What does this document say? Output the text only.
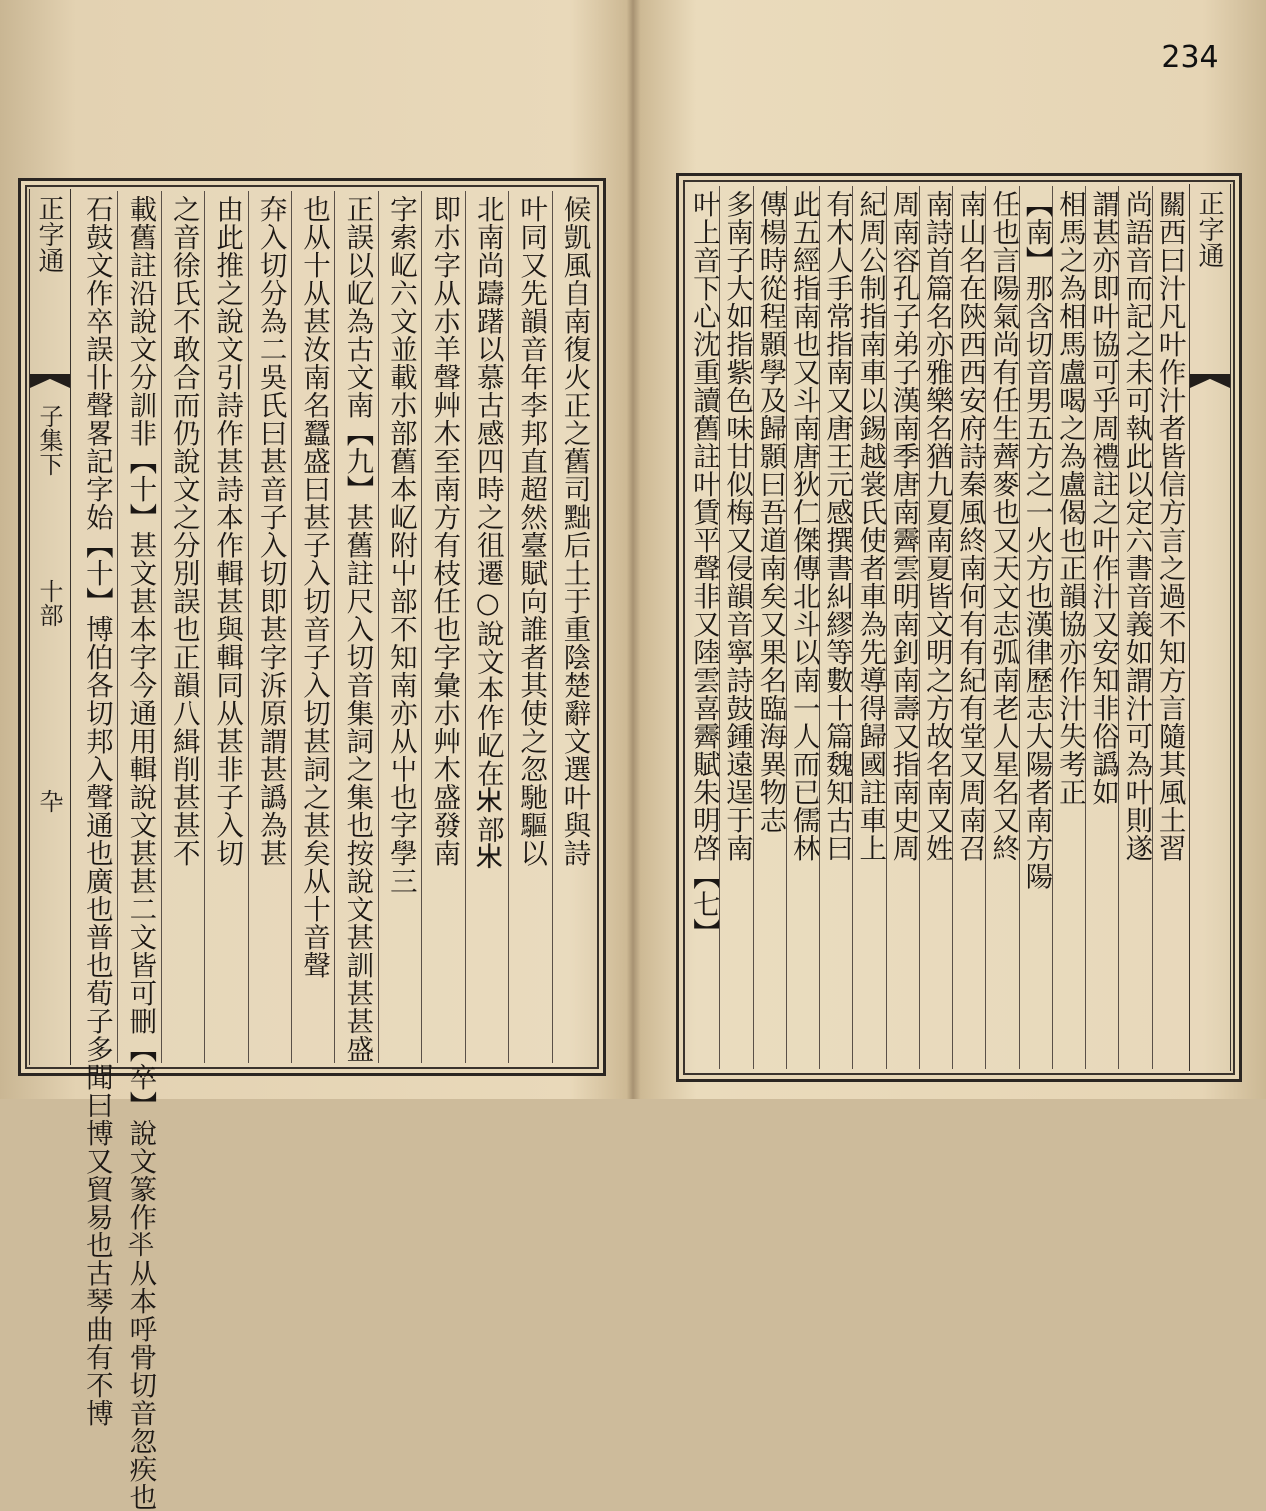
234
正字通
子集下
十部
卆	候凱風自南復火正之舊司黜后土于重陰楚辭文選叶與詩
叶同又先韻音年李邦直超然臺賦向誰者其使之忽馳驅以
北南尚躊躇以慕古感四時之徂遷○說文本作𡴭在𣎵部𣎵
即朩字从朩羊聲艸木至南方有枝任也字彙朩艸木盛發南
字索𡴭六文並載朩部舊本𡴭附屮部不知南亦从屮也字學三
正誤以𡴭為古文南【九】甚舊註尺入切音集詞之集也按說文甚訓甚甚盛
也从十从甚汝南名蠶盛曰甚子入切音子入切甚詞之甚矣从十音聲
㚏入切分為二吳氏曰甚音子入切即甚字泝原謂甚譌為甚
由此推之說文引詩作甚詩本作輯甚與輯同从甚非子入切
之音徐氏不敢合而仍說文之分別誤也正韻八緝削甚甚不
載舊註沿說文分訓非【十】甚文甚本字今通用輯說文甚甚二文皆可刪【卒】說文篆作𠦂从本呼骨切音忽疾也
石鼓文作卒誤卝聲畧記字始【十】博伯各切邦入聲通也廣也普也荀子多聞曰博又貿易也古琴曲有不博	正字通
關西曰汁凡叶作汁者皆信方言之過不知方言隨其風土習
尚語音而記之未可執此以定六書音義如謂汁可為叶則遂
謂甚亦即叶協可乎周禮註之叶作汁又安知非俗譌如
相馬之為相馬盧喝之為盧偈也正韻協亦作汁失考正
【南】那含切音男五方之一火方也漢律歷志大陽者南方陽
任也言陽氣尚有任生薺麥也又天文志弧南老人星名又終
南山名在陝西西安府詩秦風終南何有有紀有堂又周南召
南詩首篇名亦雅樂名猶九夏南夏皆文明之方故名南又姓
周南容孔子弟子漢南季唐南霽雲明南釗南壽又指南史周
紀周公制指南車以錫越裳氏使者車為先導得歸國註車上
有木人手常指南又唐王元感撰書糾繆等數十篇魏知古曰
此五經指南也又斗南唐狄仁傑傳北斗以南一人而已儒林
傳楊時從程顥學及歸顥曰吾道南矣又果名臨海異物志
多南子大如指紫色味甘似梅又侵韻音寧詩鼓鍾遠逞于南
叶上音下心沈重讀舊註叶賃平聲非又陸雲喜霽賦朱明啓【七】
